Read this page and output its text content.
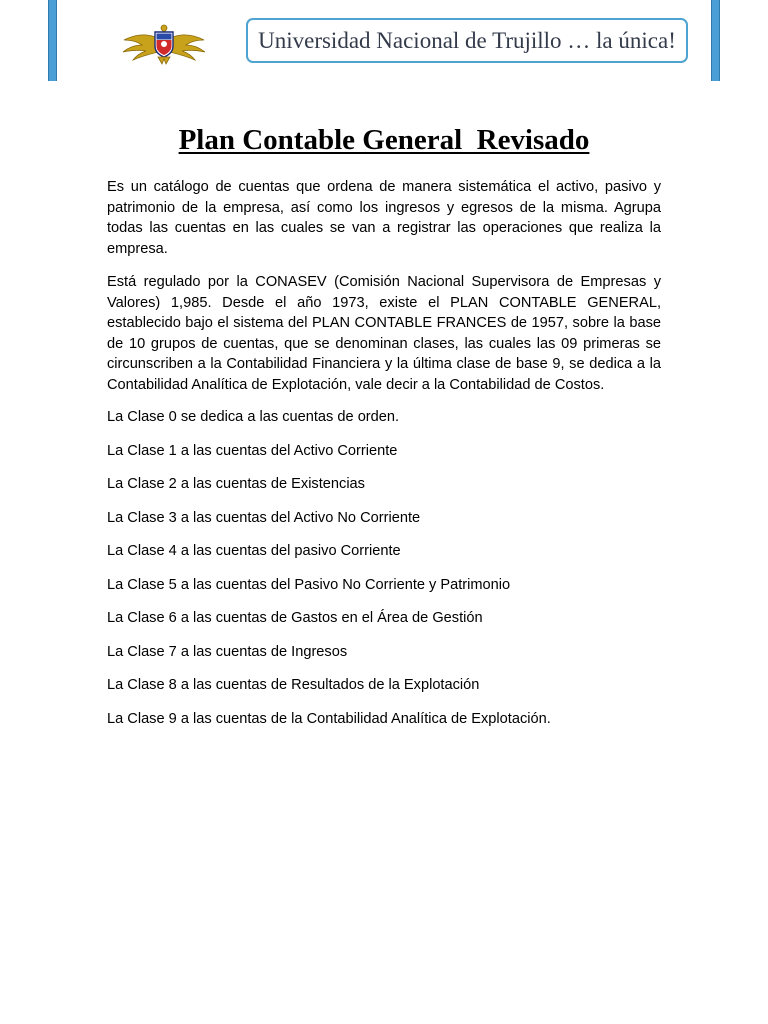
Universidad Nacional de Trujillo … la única!
Plan Contable General  Revisado

Es un catálogo de cuentas que ordena de manera sistemática el activo, pasivo y patrimonio de la empresa, así como los ingresos y egresos de la misma. Agrupa todas las cuentas en las cuales se van a registrar las operaciones que realiza la empresa.

Está regulado por la CONASEV (Comisión Nacional Supervisora de Empresas y Valores) 1,985. Desde el año 1973, existe el PLAN CONTABLE GENERAL, establecido bajo el sistema del PLAN CONTABLE FRANCES de 1957, sobre la base de 10 grupos de cuentas, que se denominan clases, las cuales las 09 primeras se circunscriben a la Contabilidad Financiera y la última clase de base 9, se dedica a la Contabilidad Analítica de Explotación, vale decir a la Contabilidad de Costos.

La Clase 0 se dedica a las cuentas de orden.

La Clase 1 a las cuentas del Activo Corriente

La Clase 2 a las cuentas de Existencias

La Clase 3 a las cuentas del Activo No Corriente

La Clase 4 a las cuentas del pasivo Corriente

La Clase 5 a las cuentas del Pasivo No Corriente y Patrimonio

La Clase 6 a las cuentas de Gastos en el Área de Gestión

La Clase 7 a las cuentas de Ingresos

La Clase 8 a las cuentas de Resultados de la Explotación

La Clase 9 a las cuentas de la Contabilidad Analítica de Explotación.
